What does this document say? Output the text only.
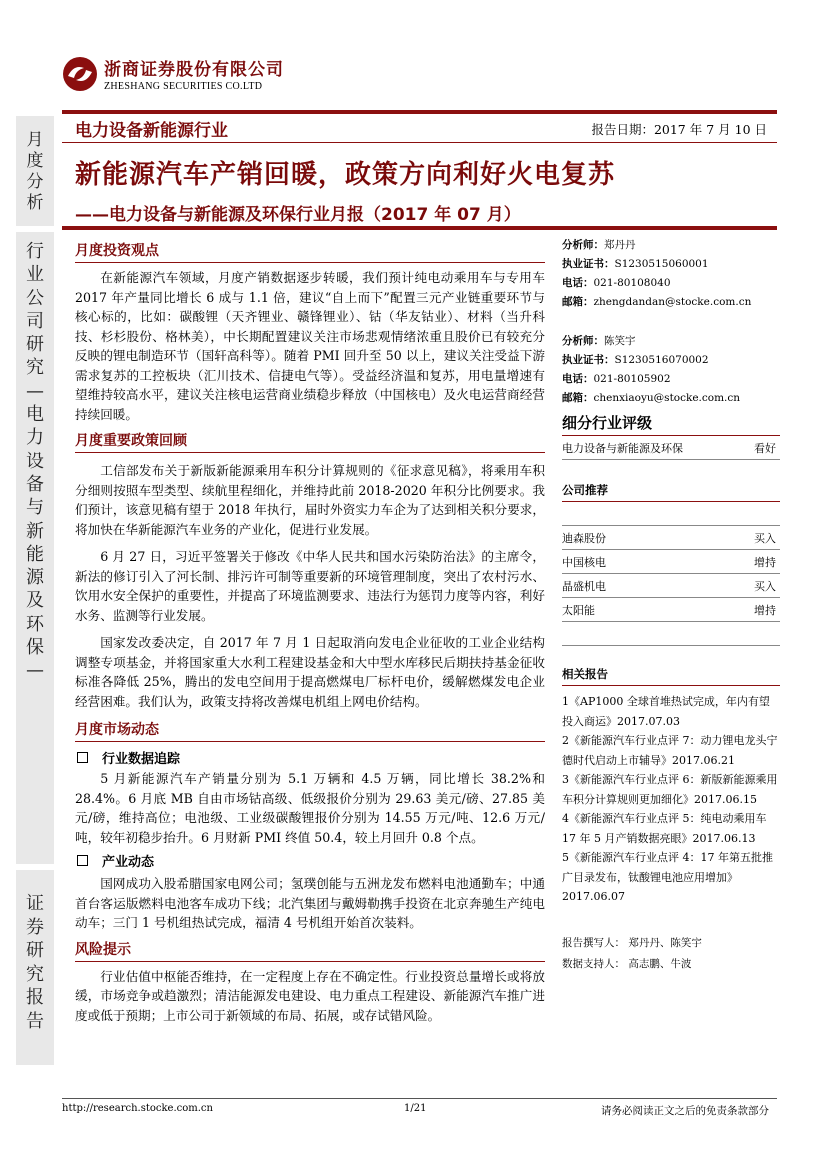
浙商证券股份有限公司
ZHESHANG SECURITIES CO.LTD
电力设备新能源行业	报告日期：2017 年 7 月 10 日
月
度
分
析
行
业
公
司
研
究
—
电
力
设
备
与
新
能
源
及
环
保
—
证
券
研
究
报
告
新能源汽车产销回暖，政策方向利好火电复苏
——电力设备与新能源及环保行业月报（2017 年 07 月）
月度投资观点

在新能源汽车领域，月度产销数据逐步转暖，我们预计纯电动乘用车与专用车 2017 年产量同比增长 6 成与 1.1 倍，建议“自上而下”配置三元产业链重要环节与核心标的，比如：碳酸锂（天齐锂业、赣锋锂业）、钴（华友钴业）、材料（当升科技、杉杉股份、格林美），中长期配置建议关注市场悲观情绪浓重且股价已有较充分反映的锂电制造环节（国轩高科等）。随着 PMI 回升至 50 以上，建议关注受益下游需求复苏的工控板块（汇川技术、信捷电气等）。受益经济温和复苏，用电量增速有望维持较高水平，建议关注核电运营商业绩稳步释放（中国核电）及火电运营商经营持续回暖。

月度重要政策回顾

工信部发布关于新版新能源乘用车积分计算规则的《征求意见稿》，将乘用车积分细则按照车型类型、续航里程细化，并维持此前 2018-2020 年积分比例要求。我们预计，该意见稿有望于 2018 年执行，届时外资实力车企为了达到相关积分要求，将加快在华新能源汽车业务的产业化，促进行业发展。

6 月 27 日，习近平签署关于修改《中华人民共和国水污染防治法》的主席令，新法的修订引入了河长制、排污许可制等重要新的环境管理制度，突出了农村污水、饮用水安全保护的重要性，并提高了环境监测要求、违法行为惩罚力度等内容，利好水务、监测等行业发展。

国家发改委决定，自 2017 年 7 月 1 日起取消向发电企业征收的工业企业结构调整专项基金，并将国家重大水利工程建设基金和大中型水库移民后期扶持基金征收标准各降低 25%，腾出的发电空间用于提高燃煤电厂标杆电价，缓解燃煤发电企业经营困难。我们认为，政策支持将改善煤电机组上网电价结构。

月度市场动态
行业数据追踪

5 月新能源汽车产销量分别为 5.1 万辆和 4.5 万辆，同比增长 38.2%和 28.4%。6 月底 MB 自由市场钴高级、低级报价分别为 29.63 美元/磅、27.85 美元/磅，维持高位；电池级、工业级碳酸锂报价分别为 14.55 万元/吨、12.6 万元/吨，较年初稳步抬升。6 月财新 PMI 终值 50.4，较上月回升 0.8 个点。

产业动态

国网成功入股希腊国家电网公司；氢璞创能与五洲龙发布燃料电池通勤车；中通首台客运版燃料电池客车成功下线；北汽集团与戴姆勒携手投资在北京奔驰生产纯电动车；三门 1 号机组热试完成，福清 4 号机组开始首次装料。

风险提示

行业估值中枢能否维持，在一定程度上存在不确定性。行业投资总量增长或将放缓，市场竞争或趋激烈；清洁能源发电建设、电力重点工程建设、新能源汽车推广进度或低于预期；上市公司于新领域的布局、拓展，或存试错风险。

分析师：郑丹丹
执业证书：S1230515060001
电话：021-80108040
邮箱：zhengdandan@stocke.com.cn
分析师：陈笑宇
执业证书：S1230516070002
电话：021-80105902
邮箱：chenxiaoyu@stocke.com.cn
细分行业评级
电力设备与新能源及环保	看好
公司推荐
迪森股份	买入
中国核电	增持
晶盛机电	买入
太阳能	增持
相关报告
1《AP1000 全球首堆热试完成，年内有望投入商运》2017.07.03
2《新能源汽车行业点评 7：动力锂电龙头宁德时代启动上市辅导》2017.06.21
3《新能源汽车行业点评 6：新版新能源乘用车积分计算规则更加细化》2017.06.15
4《新能源汽车行业点评 5：纯电动乘用车 17 年 5 月产销数据亮眼》2017.06.13
5《新能源汽车行业点评 4：17 年第五批推广目录发布，钛酸锂电池应用增加》2017.06.07
报告撰写人： 郑丹丹、陈笑宇
数据支持人： 高志鹏、牛波
http://research.stocke.com.cn	1/21	请务必阅读正文之后的免责条款部分
